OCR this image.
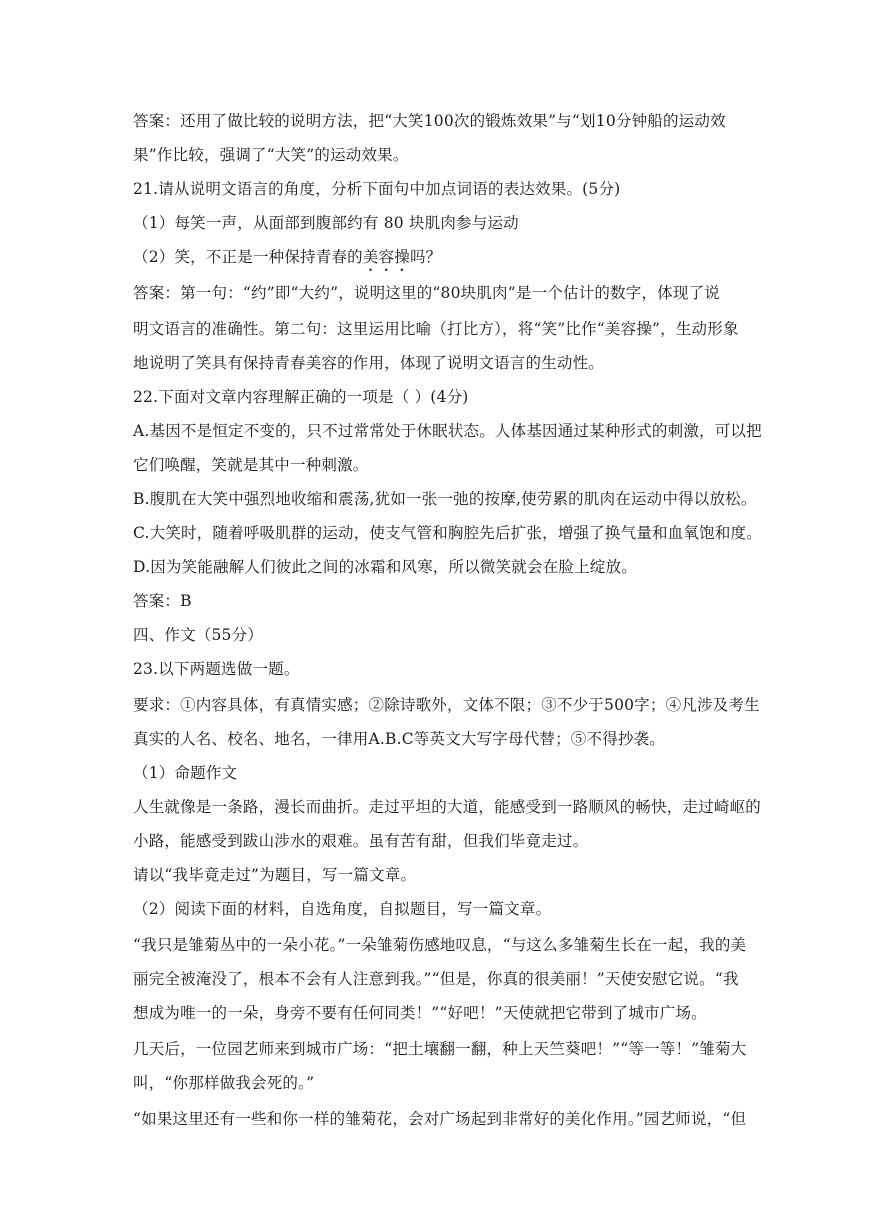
答案：还用了做比较的说明方法，把“大笑100次的锻炼效果”与“划10分钟船的运动效
果”作比较，强调了“大笑”的运动效果。
21.请从说明文语言的角度，分析下面句中加点词语的表达效果。(5分)
（1）每笑一声，从面部到腹部约有 80 块肌肉参与运动
（2）笑，不正是一种保持青春的美容操吗？
答案：第一句：“约”即“大约”，说明这里的“80块肌肉”是一个估计的数字，体现了说
明文语言的准确性。第二句：这里运用比喻（打比方），将“笑”比作“美容操”，生动形象
地说明了笑具有保持青春美容的作用，体现了说明文语言的生动性。
22.下面对文章内容理解正确的一项是（ ）(4分)
A.基因不是恒定不变的，只不过常常处于休眠状态。人体基因通过某种形式的刺激，可以把
它们唤醒，笑就是其中一种刺激。
B.腹肌在大笑中强烈地收缩和震荡,犹如一张一弛的按摩,使劳累的肌肉在运动中得以放松。
C.大笑时，随着呼吸肌群的运动，使支气管和胸腔先后扩张，增强了换气量和血氧饱和度。
D.因为笑能融解人们彼此之间的冰霜和风寒，所以微笑就会在脸上绽放。
答案：B
四、作文（55分）
23.以下两题选做一题。
要求：①内容具体，有真情实感；②除诗歌外，文体不限；③不少于500字；④凡涉及考生
真实的人名、校名、地名，一律用A.B.C等英文大写字母代替；⑤不得抄袭。
（1）命题作文
人生就像是一条路，漫长而曲折。走过平坦的大道，能感受到一路顺风的畅快，走过崎岖的
小路，能感受到跋山涉水的艰难。虽有苦有甜，但我们毕竟走过。
请以“我毕竟走过”为题目，写一篇文章。
（2）阅读下面的材料，自选角度，自拟题目，写一篇文章。
“我只是雏菊丛中的一朵小花。”一朵雏菊伤感地叹息，“与这么多雏菊生长在一起，我的美
丽完全被淹没了，根本不会有人注意到我。”“但是，你真的很美丽！”天使安慰它说。“我
想成为唯一的一朵，身旁不要有任何同类！”“好吧！”天使就把它带到了城市广场。
几天后，一位园艺师来到城市广场：“把土壤翻一翻，种上天竺葵吧！”“等一等！”雏菊大
叫，“你那样做我会死的。”
“如果这里还有一些和你一样的雏菊花，会对广场起到非常好的美化作用。”园艺师说，“但
